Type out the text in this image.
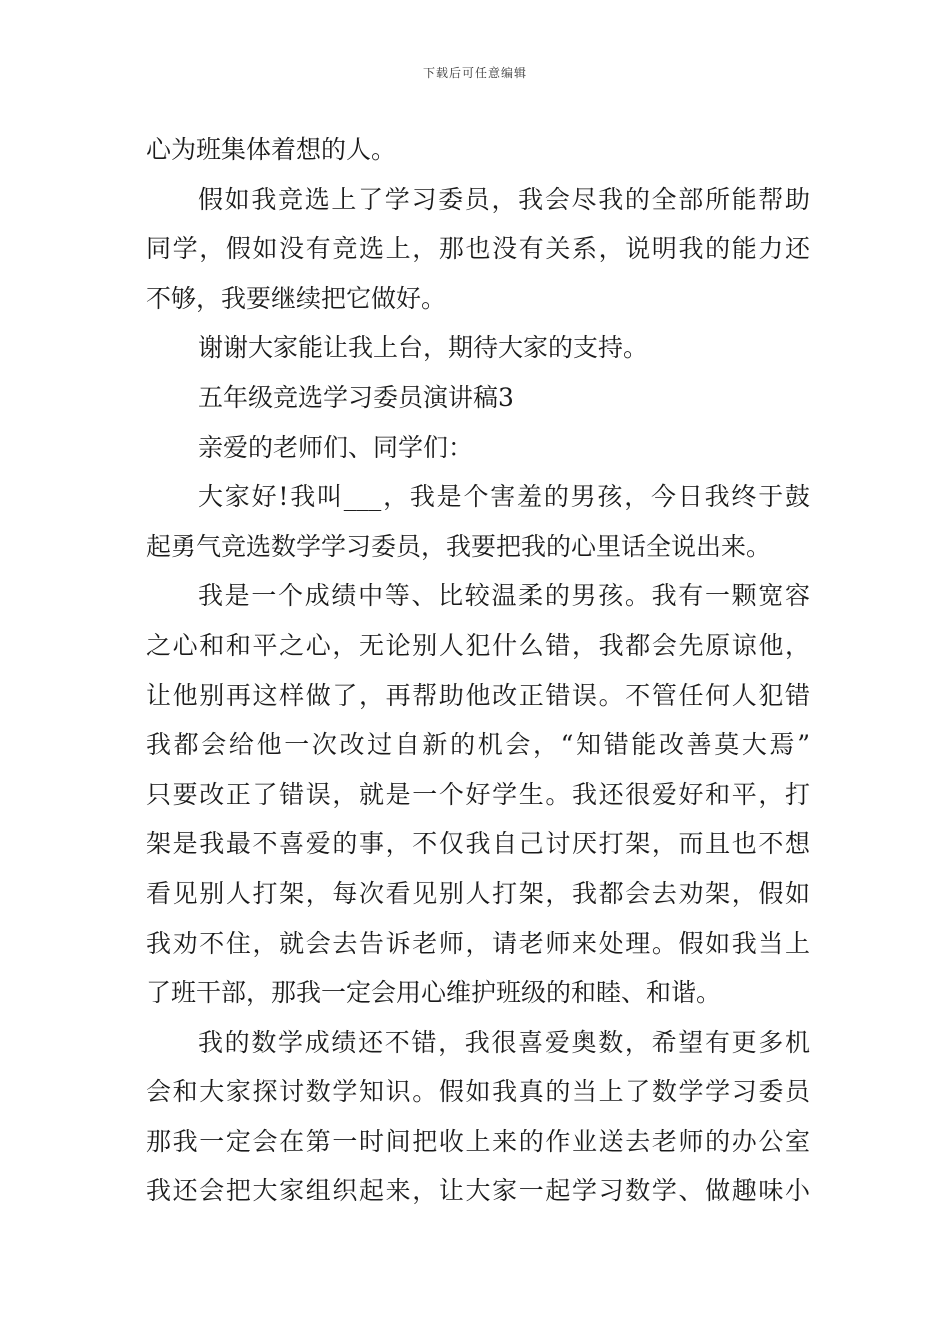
下载后可任意编辑
心为班集体着想的人。
假如我竞选上了学习委员，我会尽我的全部所能帮助
同学，假如没有竞选上，那也没有关系，说明我的能力还
不够，我要继续把它做好。
谢谢大家能让我上台，期待大家的支持。
五年级竞选学习委员演讲稿3
亲爱的老师们、同学们：
大家好!我叫___，我是个害羞的男孩，今日我终于鼓
起勇气竞选数学学习委员，我要把我的心里话全说出来。
我是一个成绩中等、比较温柔的男孩。我有一颗宽容
之心和和平之心，无论别人犯什么错，我都会先原谅他，
让他别再这样做了，再帮助他改正错误。不管任何人犯错
我都会给他一次改过自新的机会，“知错能改善莫大焉”
只要改正了错误，就是一个好学生。我还很爱好和平，打
架是我最不喜爱的事，不仅我自己讨厌打架，而且也不想
看见别人打架，每次看见别人打架，我都会去劝架，假如
我劝不住，就会去告诉老师，请老师来处理。假如我当上
了班干部，那我一定会用心维护班级的和睦、和谐。
我的数学成绩还不错，我很喜爱奥数，希望有更多机
会和大家探讨数学知识。假如我真的当上了数学学习委员
那我一定会在第一时间把收上来的作业送去老师的办公室
我还会把大家组织起来，让大家一起学习数学、做趣味小
